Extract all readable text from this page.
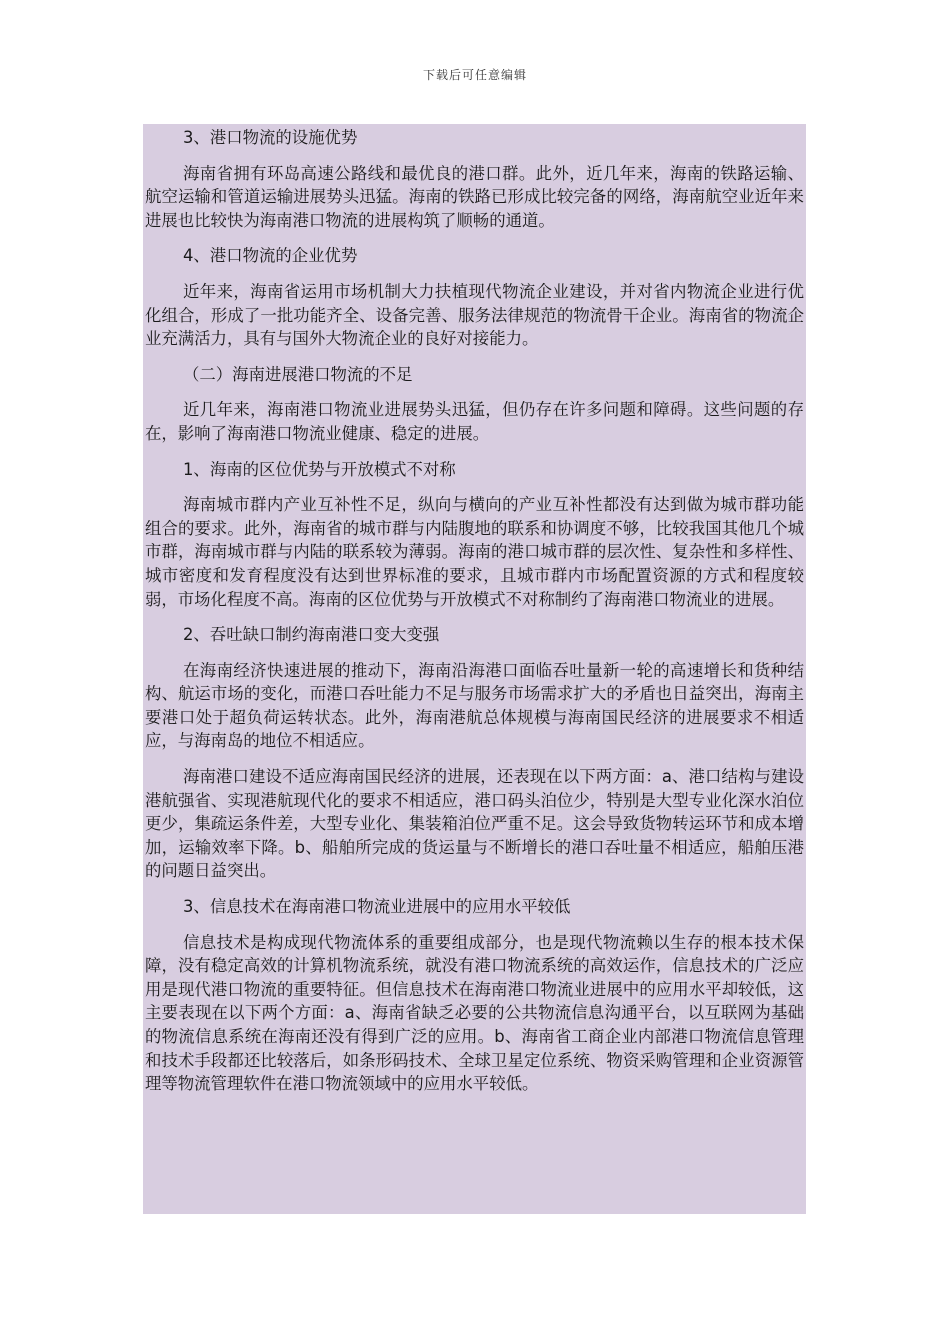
下载后可任意编辑

3、港口物流的设施优势

海南省拥有环岛高速公路线和最优良的港口群。此外，近几年来，海南的铁路运输、航空运输和管道运输进展势头迅猛。海南的铁路已形成比较完备的网络，海南航空业近年来进展也比较快为海南港口物流的进展构筑了顺畅的通道。

4、港口物流的企业优势

近年来，海南省运用市场机制大力扶植现代物流企业建设，并对省内物流企业进行优化组合，形成了一批功能齐全、设备完善、服务法律规范的物流骨干企业。海南省的物流企业充满活力，具有与国外大物流企业的良好对接能力。

（二）海南进展港口物流的不足

近几年来，海南港口物流业进展势头迅猛，但仍存在许多问题和障碍。这些问题的存在，影响了海南港口物流业健康、稳定的进展。

1、海南的区位优势与开放模式不对称

海南城市群内产业互补性不足，纵向与横向的产业互补性都没有达到做为城市群功能组合的要求。此外，海南省的城市群与内陆腹地的联系和协调度不够，比较我国其他几个城市群，海南城市群与内陆的联系较为薄弱。海南的港口城市群的层次性、复杂性和多样性、城市密度和发育程度没有达到世界标准的要求，且城市群内市场配置资源的方式和程度较弱，市场化程度不高。海南的区位优势与开放模式不对称制约了海南港口物流业的进展。

2、吞吐缺口制约海南港口变大变强

在海南经济快速进展的推动下，海南沿海港口面临吞吐量新一轮的高速增长和货种结构、航运市场的变化，而港口吞吐能力不足与服务市场需求扩大的矛盾也日益突出，海南主要港口处于超负荷运转状态。此外，海南港航总体规模与海南国民经济的进展要求不相适应，与海南岛的地位不相适应。

海南港口建设不适应海南国民经济的进展，还表现在以下两方面：a、港口结构与建设港航强省、实现港航现代化的要求不相适应，港口码头泊位少，特别是大型专业化深水泊位更少，集疏运条件差，大型专业化、集装箱泊位严重不足。这会导致货物转运环节和成本增加，运输效率下降。b、船舶所完成的货运量与不断增长的港口吞吐量不相适应，船舶压港的问题日益突出。

3、信息技术在海南港口物流业进展中的应用水平较低

信息技术是构成现代物流体系的重要组成部分，也是现代物流赖以生存的根本技术保障，没有稳定高效的计算机物流系统，就没有港口物流系统的高效运作，信息技术的广泛应用是现代港口物流的重要特征。但信息技术在海南港口物流业进展中的应用水平却较低，这主要表现在以下两个方面：a、海南省缺乏必要的公共物流信息沟通平台，以互联网为基础的物流信息系统在海南还没有得到广泛的应用。b、海南省工商企业内部港口物流信息管理和技术手段都还比较落后，如条形码技术、全球卫星定位系统、物资采购管理和企业资源管理等物流管理软件在港口物流领域中的应用水平较低。
